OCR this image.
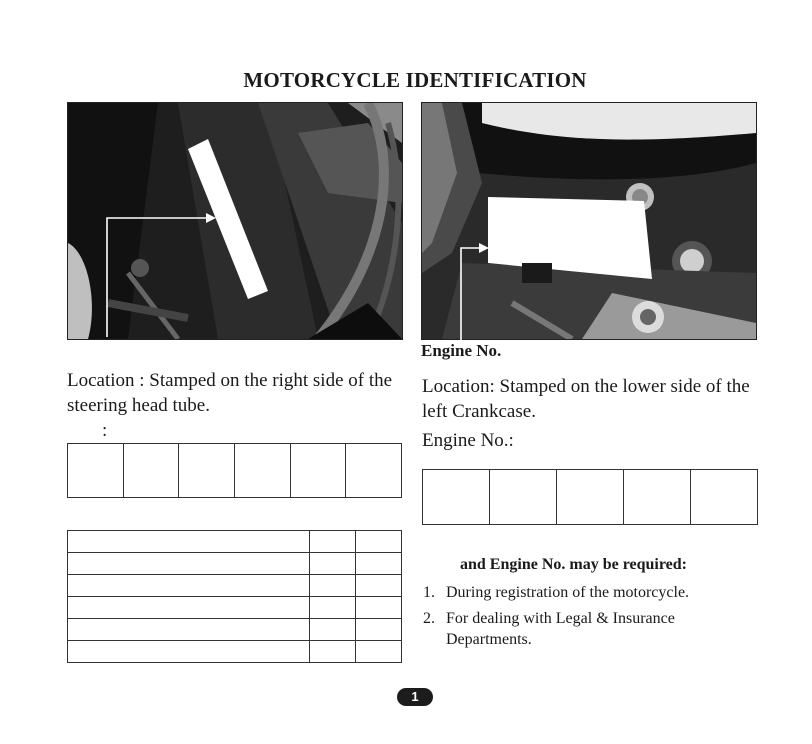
MOTORCYCLE IDENTIFICATION
Location : Stamped on the right side of the steering head tube.
:

Engine No.
Location: Stamped on the lower side of the left Crankcase.
Engine No.:
and Engine No. may be required:
1. During registration of the motorcycle.
2. For dealing with Legal & Insurance Departments.
1
